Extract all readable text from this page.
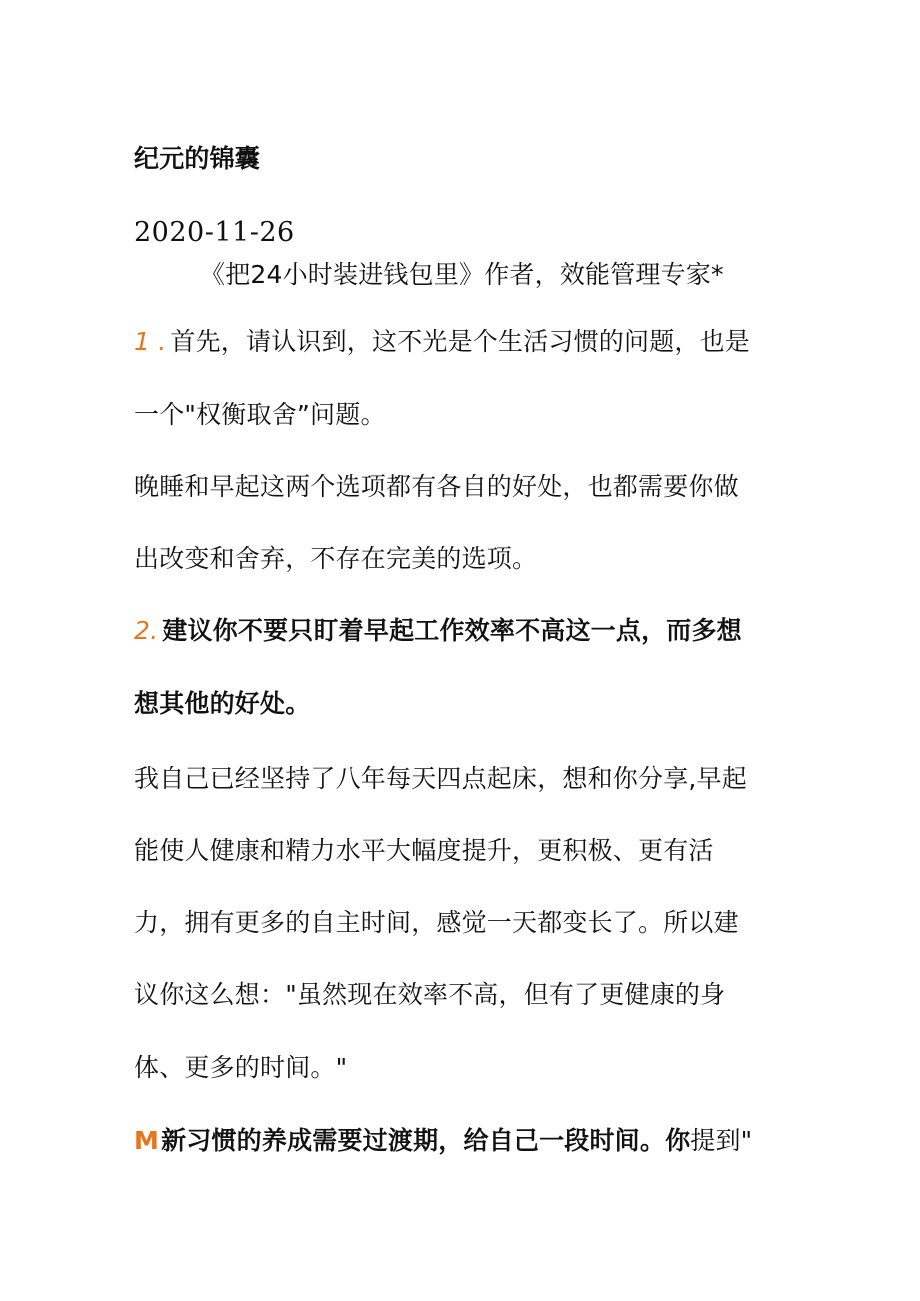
纪元的锦囊
2020-11-26
《把24小时装进钱包里》作者，效能管理专家*
1 . 首先，请认识到，这不光是个生活习惯的问题，也是
一个"权衡取舍”问题。
晚睡和早起这两个选项都有各自的好处，也都需要你做
出改变和舍弃，不存在完美的选项。
2. 建议你不要只盯着早起工作效率不高这一点，而多想
想其他的好处。
我自己已经坚持了八年每天四点起床，想和你分享,早起
能使人健康和精力水平大幅度提升，更积极、更有活
力，拥有更多的自主时间，感觉一天都变长了。所以建
议你这么想："虽然现在效率不高，但有了更健康的身
体、更多的时间。"
M新习惯的养成需要过渡期，给自己一段时间。你提到"
